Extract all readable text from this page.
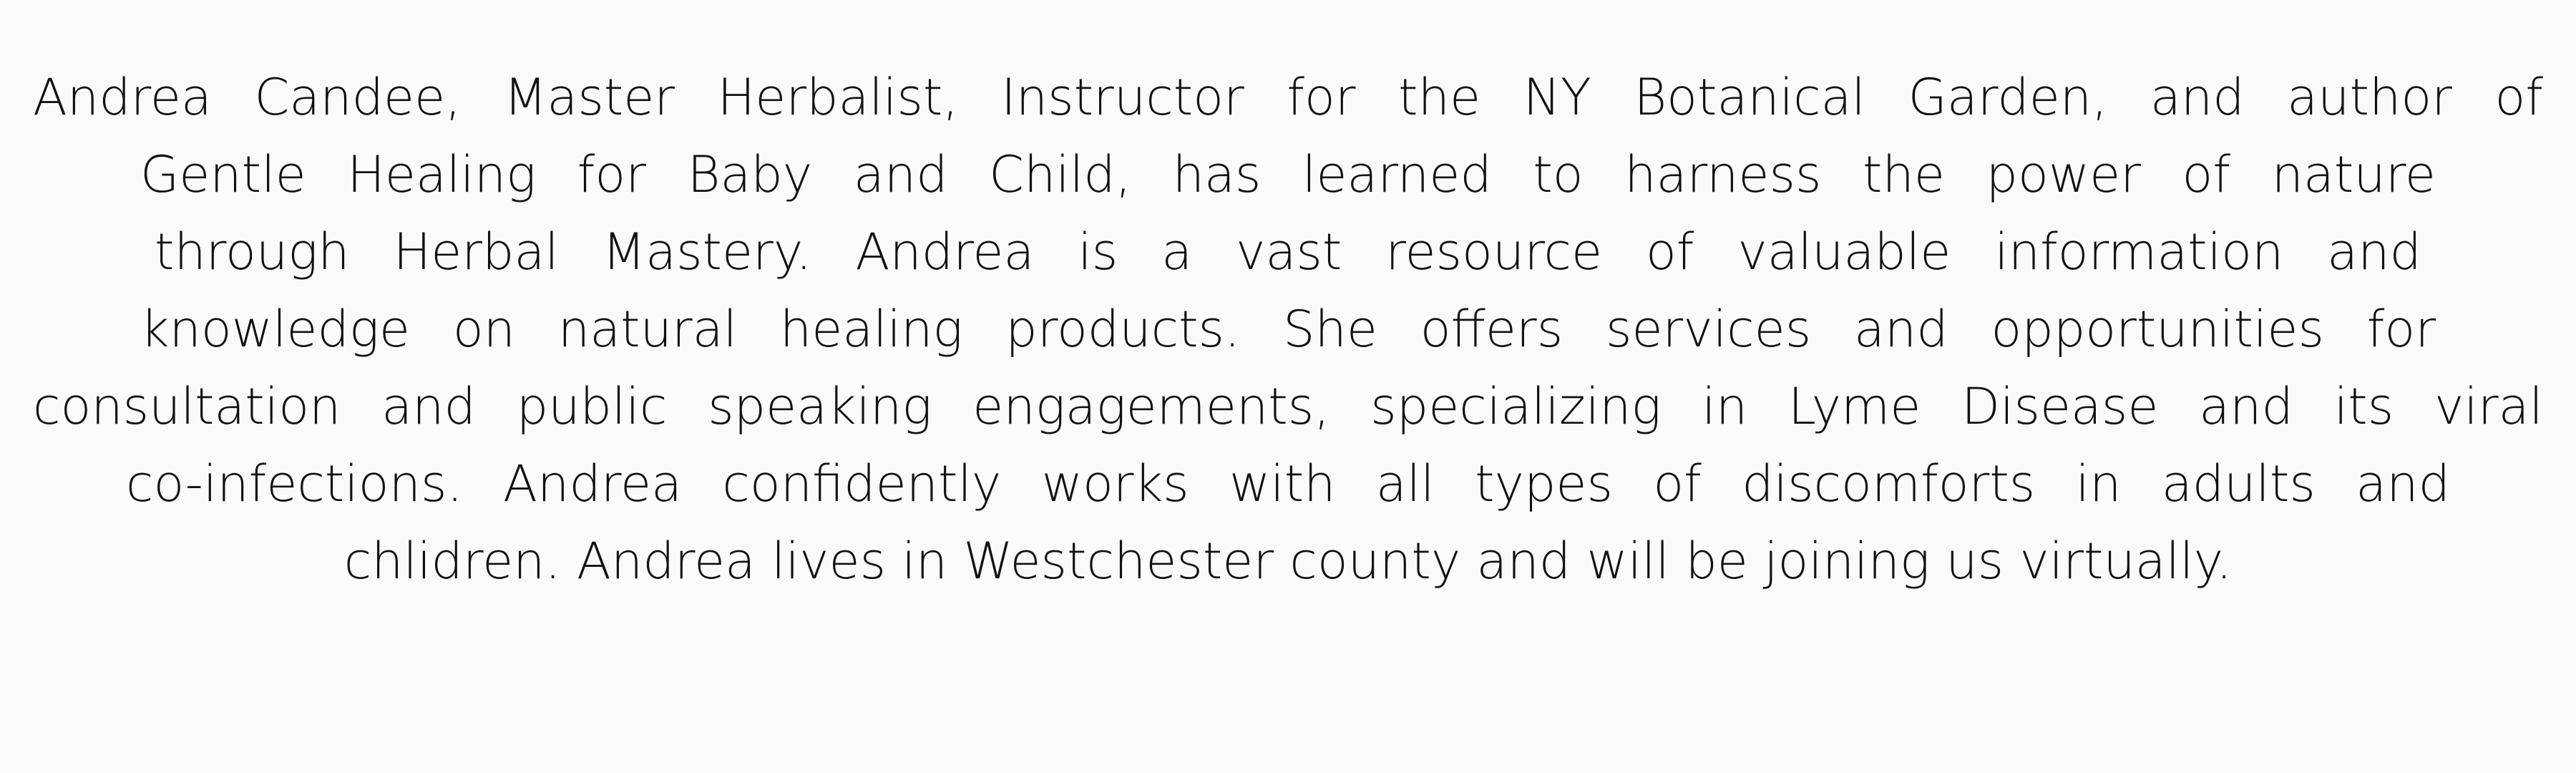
Andrea Candee, Master Herbalist, Instructor for the NY Botanical Garden, and author of
Gentle Healing for Baby and Child, has learned to harness the power of nature
through Herbal Mastery. Andrea is a vast resource of valuable information and
knowledge on natural healing products. She offers services and opportunities for
consultation and public speaking engagements, specializing in Lyme Disease and its viral
co-infections. Andrea confidently works with all types of discomforts in adults and
chlidren. Andrea lives in Westchester county and will be joining us virtually.
